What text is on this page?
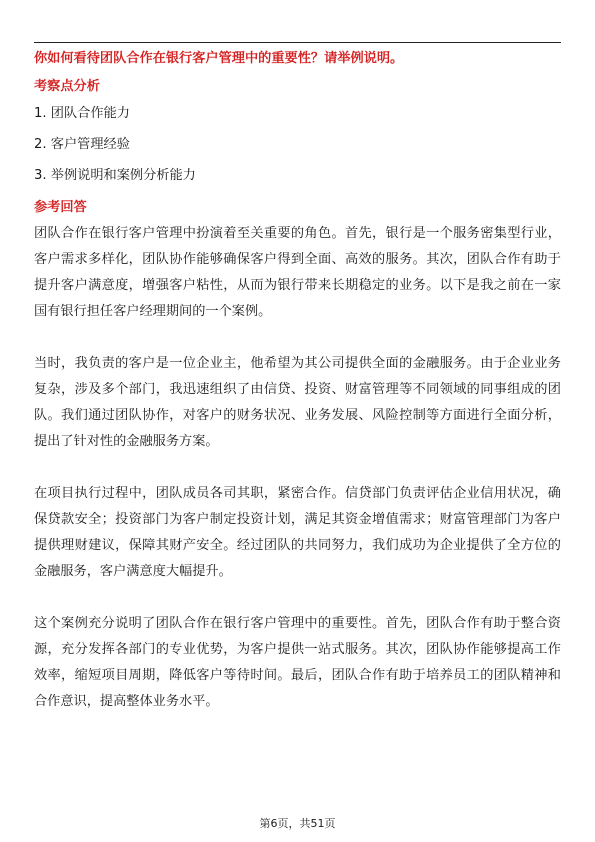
你如何看待团队合作在银行客户管理中的重要性？请举例说明。

考察点分析

1. 团队合作能力
2. 客户管理经验
3. 举例说明和案例分析能力

参考回答

团队合作在银行客户管理中扮演着至关重要的角色。首先，银行是一个服务密集型行业，客户需求多样化，团队协作能够确保客户得到全面、高效的服务。其次，团队合作有助于提升客户满意度，增强客户粘性，从而为银行带来长期稳定的业务。以下是我之前在一家国有银行担任客户经理期间的一个案例。

当时，我负责的客户是一位企业主，他希望为其公司提供全面的金融服务。由于企业业务复杂，涉及多个部门，我迅速组织了由信贷、投资、财富管理等不同领域的同事组成的团队。我们通过团队协作，对客户的财务状况、业务发展、风险控制等方面进行全面分析，提出了针对性的金融服务方案。

在项目执行过程中，团队成员各司其职，紧密合作。信贷部门负责评估企业信用状况，确保贷款安全；投资部门为客户制定投资计划，满足其资金增值需求；财富管理部门为客户提供理财建议，保障其财产安全。经过团队的共同努力，我们成功为企业提供了全方位的金融服务，客户满意度大幅提升。

这个案例充分说明了团队合作在银行客户管理中的重要性。首先，团队合作有助于整合资源，充分发挥各部门的专业优势，为客户提供一站式服务。其次，团队协作能够提高工作效率，缩短项目周期，降低客户等待时间。最后，团队合作有助于培养员工的团队精神和合作意识，提高整体业务水平。

第6页，共51页
